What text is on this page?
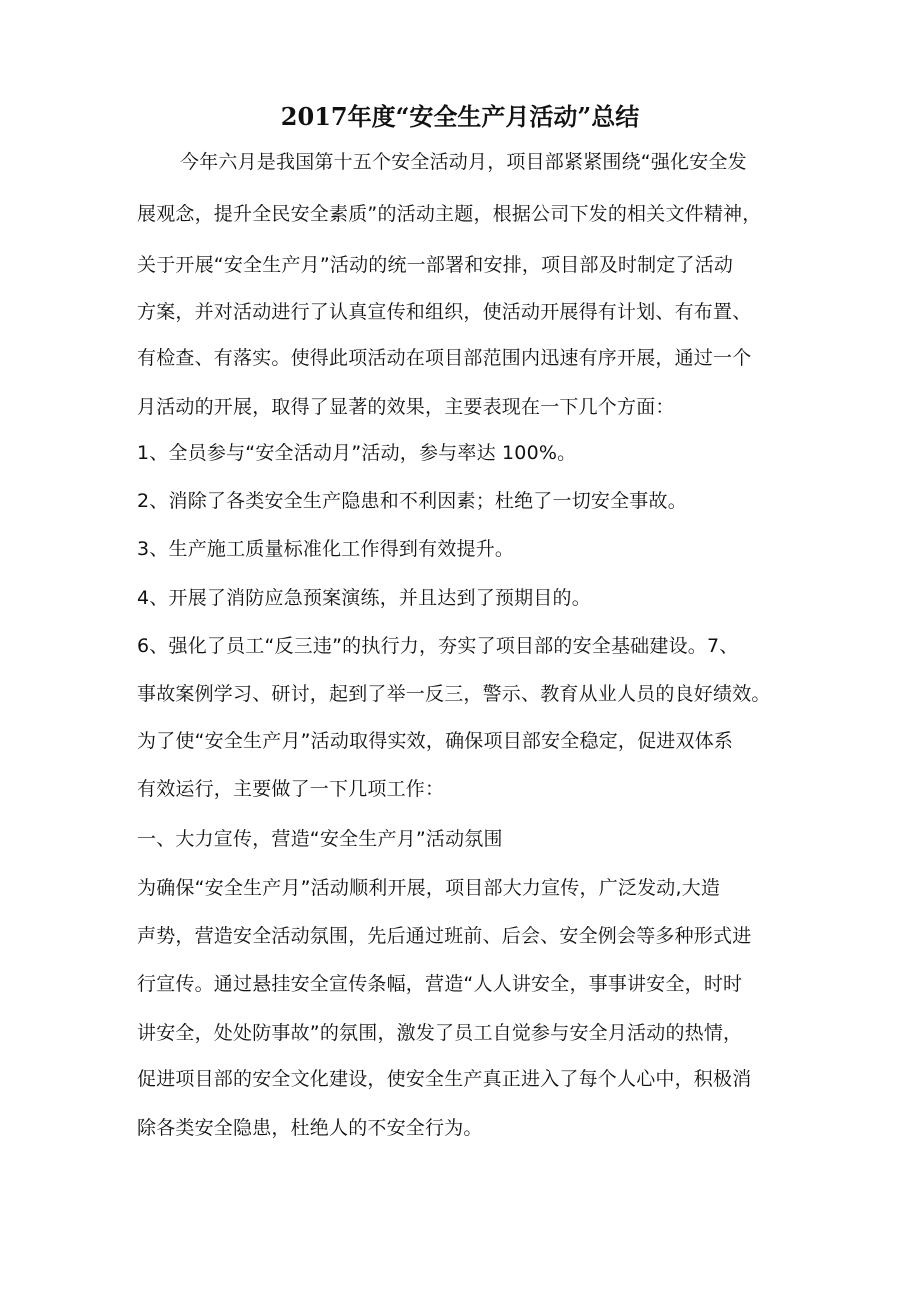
2017年度“安全生产月活动”总结
今年六月是我国第十五个安全活动月，项目部紧紧围绕“强化安全发
展观念，提升全民安全素质”的活动主题，根据公司下发的相关文件精神，
关于开展“安全生产月”活动的统一部署和安排，项目部及时制定了活动
方案，并对活动进行了认真宣传和组织，使活动开展得有计划、有布置、
有检查、有落实。使得此项活动在项目部范围内迅速有序开展，通过一个
月活动的开展，取得了显著的效果，主要表现在一下几个方面：
1、全员参与“安全活动月”活动，参与率达 100%。
2、消除了各类安全生产隐患和不利因素；杜绝了一切安全事故。
3、生产施工质量标准化工作得到有效提升。
4、开展了消防应急预案演练，并且达到了预期目的。
6、强化了员工“反三违”的执行力，夯实了项目部的安全基础建设。7、
事故案例学习、研讨，起到了举一反三，警示、教育从业人员的良好绩效。
为了使“安全生产月”活动取得实效，确保项目部安全稳定，促进双体系
有效运行，主要做了一下几项工作：
一、大力宣传，营造“安全生产月”活动氛围
为确保“安全生产月”活动顺利开展，项目部大力宣传，广泛发动,大造
声势，营造安全活动氛围，先后通过班前、后会、安全例会等多种形式进
行宣传。通过悬挂安全宣传条幅，营造“人人讲安全，事事讲安全，时时
讲安全，处处防事故”的氛围，激发了员工自觉参与安全月活动的热情，
促进项目部的安全文化建设，使安全生产真正进入了每个人心中，积极消
除各类安全隐患，杜绝人的不安全行为。
